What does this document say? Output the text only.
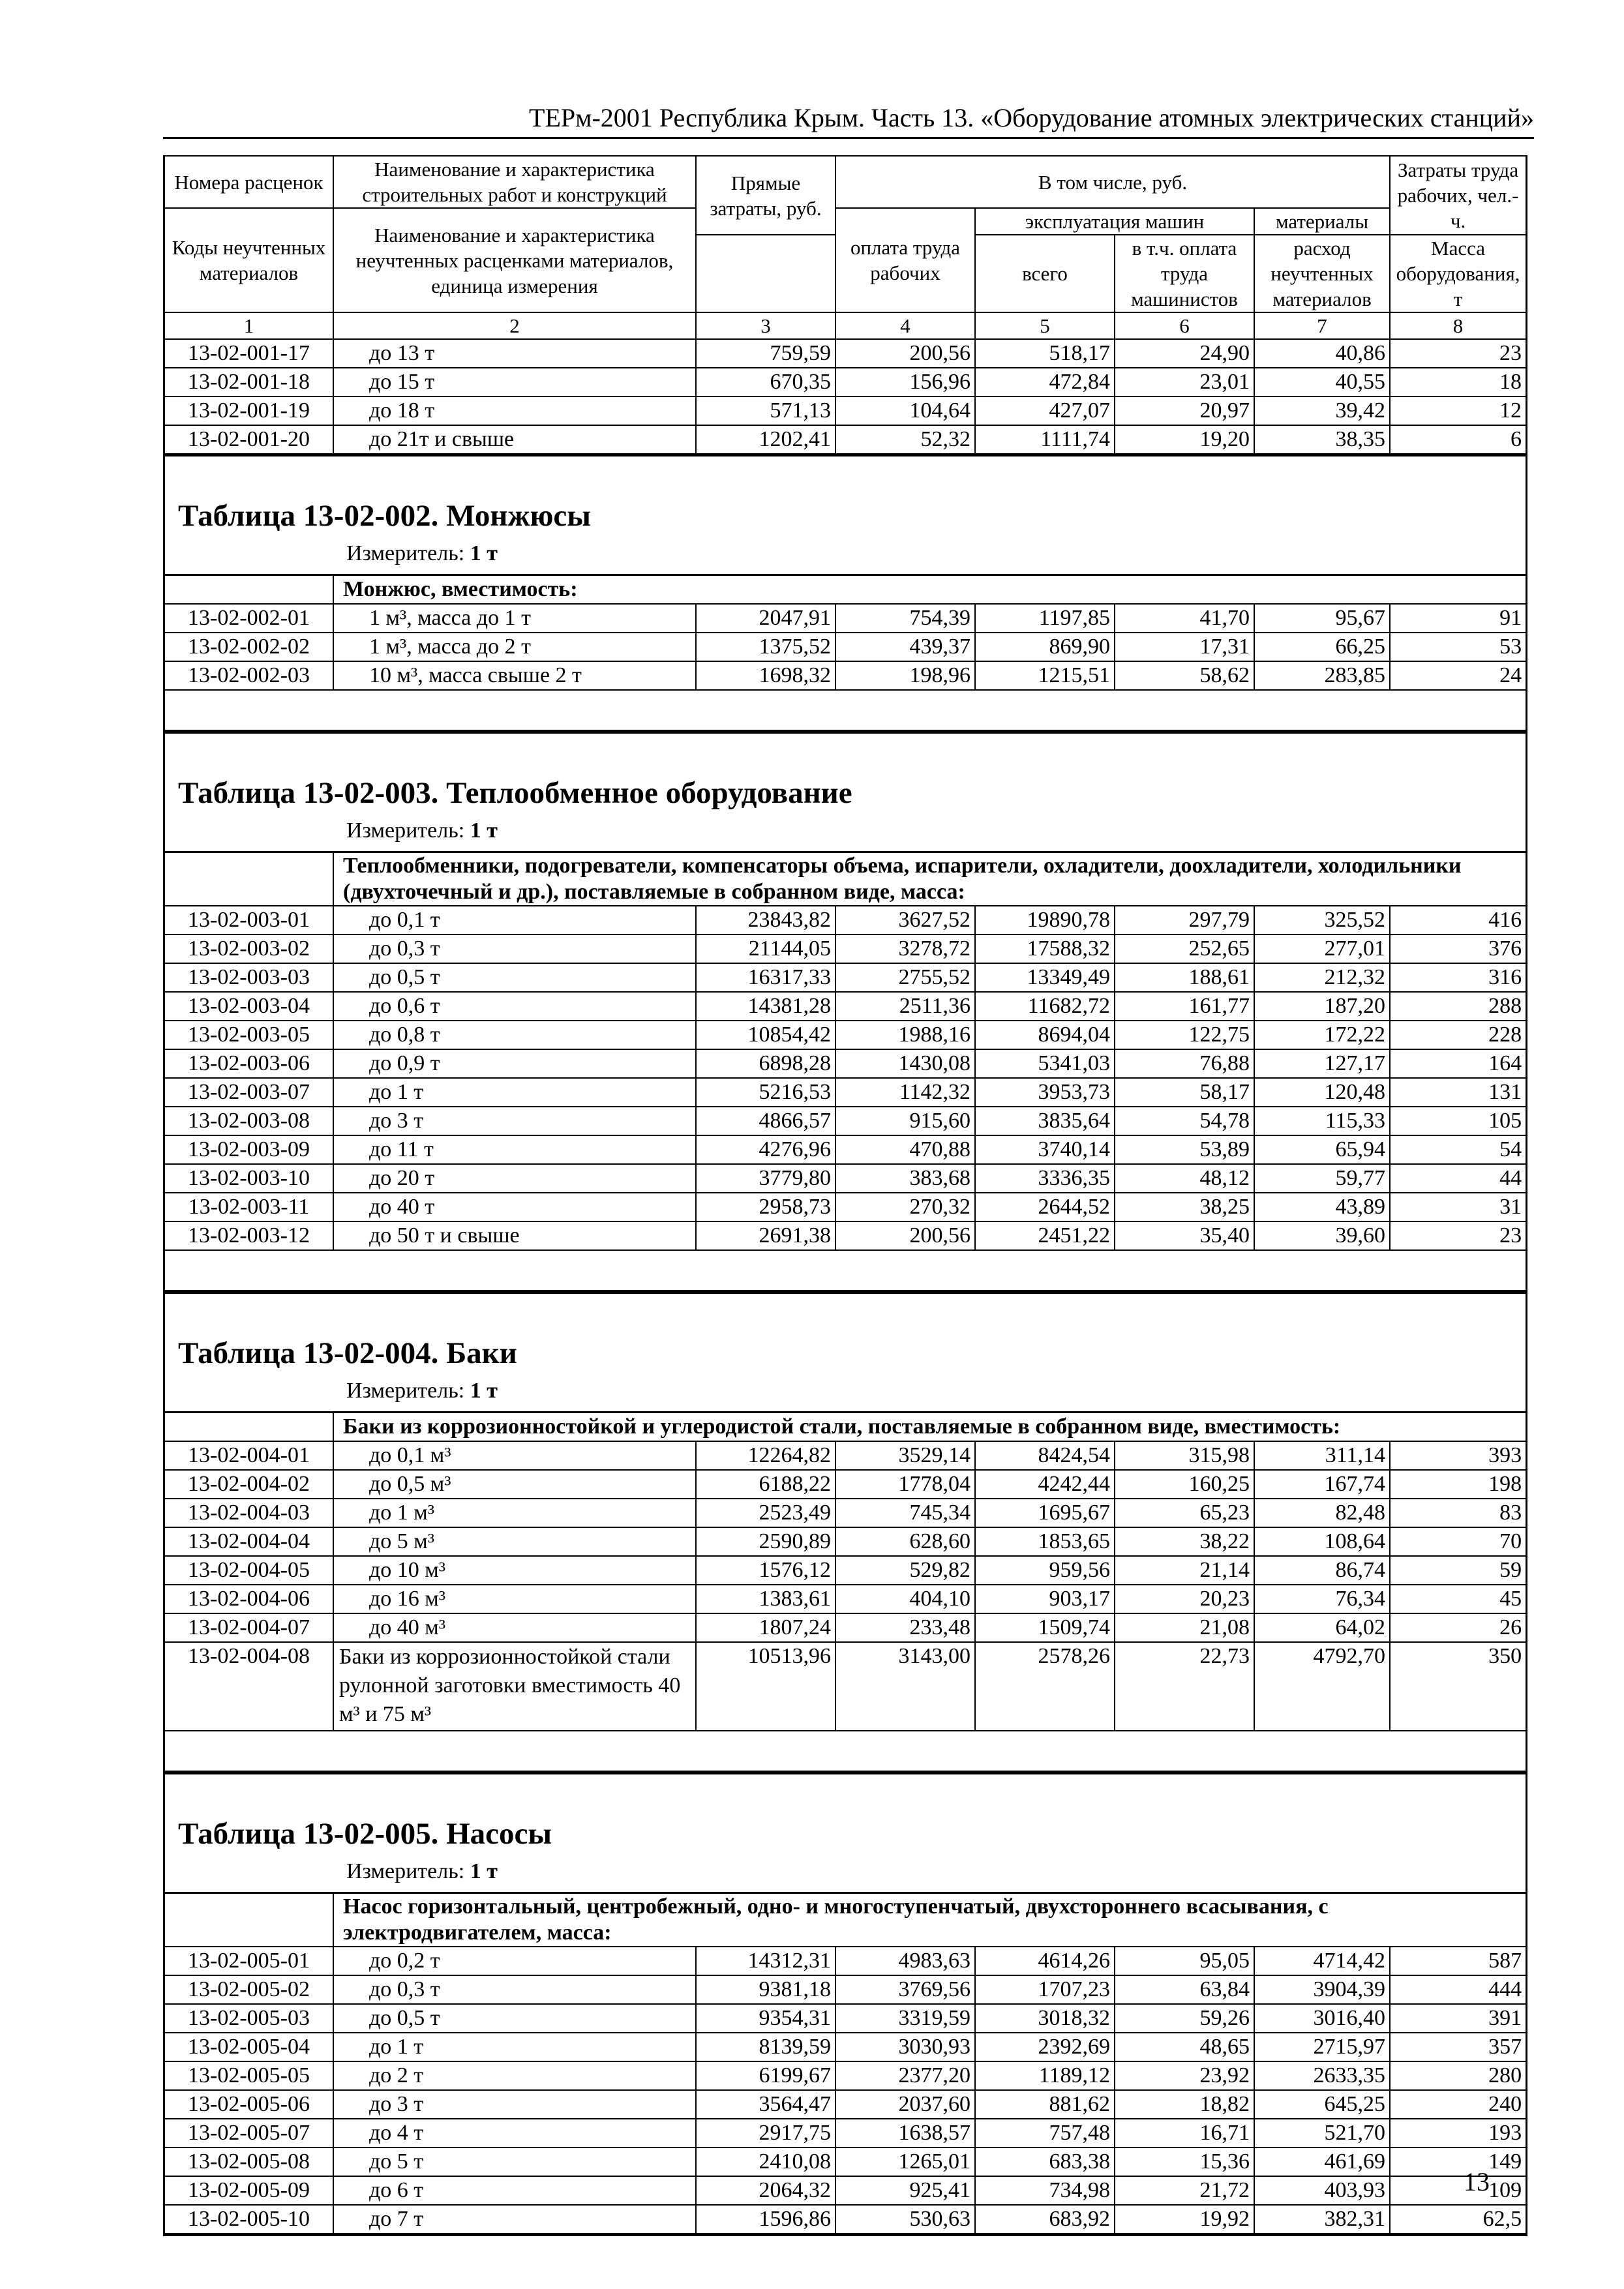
ТЕРм-2001 Республика Крым. Часть 13. «Оборудование атомных электрических станций»
Номера расценок	Наименование и характеристика строительных работ и конструкций	Прямые затраты, руб.	В том числе, руб.				Затраты труда рабочих, чел.-ч.
Коды неучтенных материалов	Наименование и характеристика неучтенных расценками материалов, единица измерения		оплата труда рабочих	эксплуатация машин		материалы	
				всего	в т.ч. оплата труда машинистов	расход неучтенных материалов	Масса оборудования, т
1	2	3	4	5	6	7	8
13-02-001-17	до 13 т	759,59	200,56	518,17	24,90	40,86	23
13-02-001-18	до 15 т	670,35	156,96	472,84	23,01	40,55	18
13-02-001-19	до 18 т	571,13	104,64	427,07	20,97	39,42	12
13-02-001-20	до 21т и свыше	1202,41	52,32	1111,74	19,20	38,35	6
Таблица 13-02-002. Монжюсы
Измеритель: 1 т
	Монжюс, вместимость:						
13-02-002-01	1 м³, масса до 1 т	2047,91	754,39	1197,85	41,70	95,67	91
13-02-002-02	1 м³, масса до 2 т	1375,52	439,37	869,90	17,31	66,25	53
13-02-002-03	10 м³, масса свыше 2 т	1698,32	198,96	1215,51	58,62	283,85	24
Таблица 13-02-003. Теплообменное оборудование
Измеритель: 1 т
	Теплообменники, подогреватели, компенсаторы объема, испарители, охладители, доохладители, холодильники (двухточечный и др.), поставляемые в собранном виде, масса:						
13-02-003-01	до 0,1 т	23843,82	3627,52	19890,78	297,79	325,52	416
13-02-003-02	до 0,3 т	21144,05	3278,72	17588,32	252,65	277,01	376
13-02-003-03	до 0,5 т	16317,33	2755,52	13349,49	188,61	212,32	316
13-02-003-04	до 0,6 т	14381,28	2511,36	11682,72	161,77	187,20	288
13-02-003-05	до 0,8 т	10854,42	1988,16	8694,04	122,75	172,22	228
13-02-003-06	до 0,9 т	6898,28	1430,08	5341,03	76,88	127,17	164
13-02-003-07	до 1 т	5216,53	1142,32	3953,73	58,17	120,48	131
13-02-003-08	до 3 т	4866,57	915,60	3835,64	54,78	115,33	105
13-02-003-09	до 11 т	4276,96	470,88	3740,14	53,89	65,94	54
13-02-003-10	до 20 т	3779,80	383,68	3336,35	48,12	59,77	44
13-02-003-11	до 40 т	2958,73	270,32	2644,52	38,25	43,89	31
13-02-003-12	до 50 т и свыше	2691,38	200,56	2451,22	35,40	39,60	23
Таблица 13-02-004. Баки
Измеритель: 1 т
	Баки из коррозионностойкой и углеродистой стали, поставляемые в собранном виде, вместимость:						
13-02-004-01	до 0,1 м³	12264,82	3529,14	8424,54	315,98	311,14	393
13-02-004-02	до 0,5 м³	6188,22	1778,04	4242,44	160,25	167,74	198
13-02-004-03	до 1 м³	2523,49	745,34	1695,67	65,23	82,48	83
13-02-004-04	до 5 м³	2590,89	628,60	1853,65	38,22	108,64	70
13-02-004-05	до 10 м³	1576,12	529,82	959,56	21,14	86,74	59
13-02-004-06	до 16 м³	1383,61	404,10	903,17	20,23	76,34	45
13-02-004-07	до 40 м³	1807,24	233,48	1509,74	21,08	64,02	26
13-02-004-08	Баки из коррозионностойкой стали рулонной заготовки вместимость 40 м³ и 75 м³	10513,96	3143,00	2578,26	22,73	4792,70	350
Таблица 13-02-005. Насосы
Измеритель: 1 т
	Насос горизонтальный, центробежный, одно- и многоступенчатый, двухстороннего всасывания, с электродвигателем, масса:						
13-02-005-01	до 0,2 т	14312,31	4983,63	4614,26	95,05	4714,42	587
13-02-005-02	до 0,3 т	9381,18	3769,56	1707,23	63,84	3904,39	444
13-02-005-03	до 0,5 т	9354,31	3319,59	3018,32	59,26	3016,40	391
13-02-005-04	до 1 т	8139,59	3030,93	2392,69	48,65	2715,97	357
13-02-005-05	до 2 т	6199,67	2377,20	1189,12	23,92	2633,35	280
13-02-005-06	до 3 т	3564,47	2037,60	881,62	18,82	645,25	240
13-02-005-07	до 4 т	2917,75	1638,57	757,48	16,71	521,70	193
13-02-005-08	до 5 т	2410,08	1265,01	683,38	15,36	461,69	149
13-02-005-09	до 6 т	2064,32	925,41	734,98	21,72	403,93	109
13-02-005-10	до 7 т	1596,86	530,63	683,92	19,92	382,31	62,5
13
